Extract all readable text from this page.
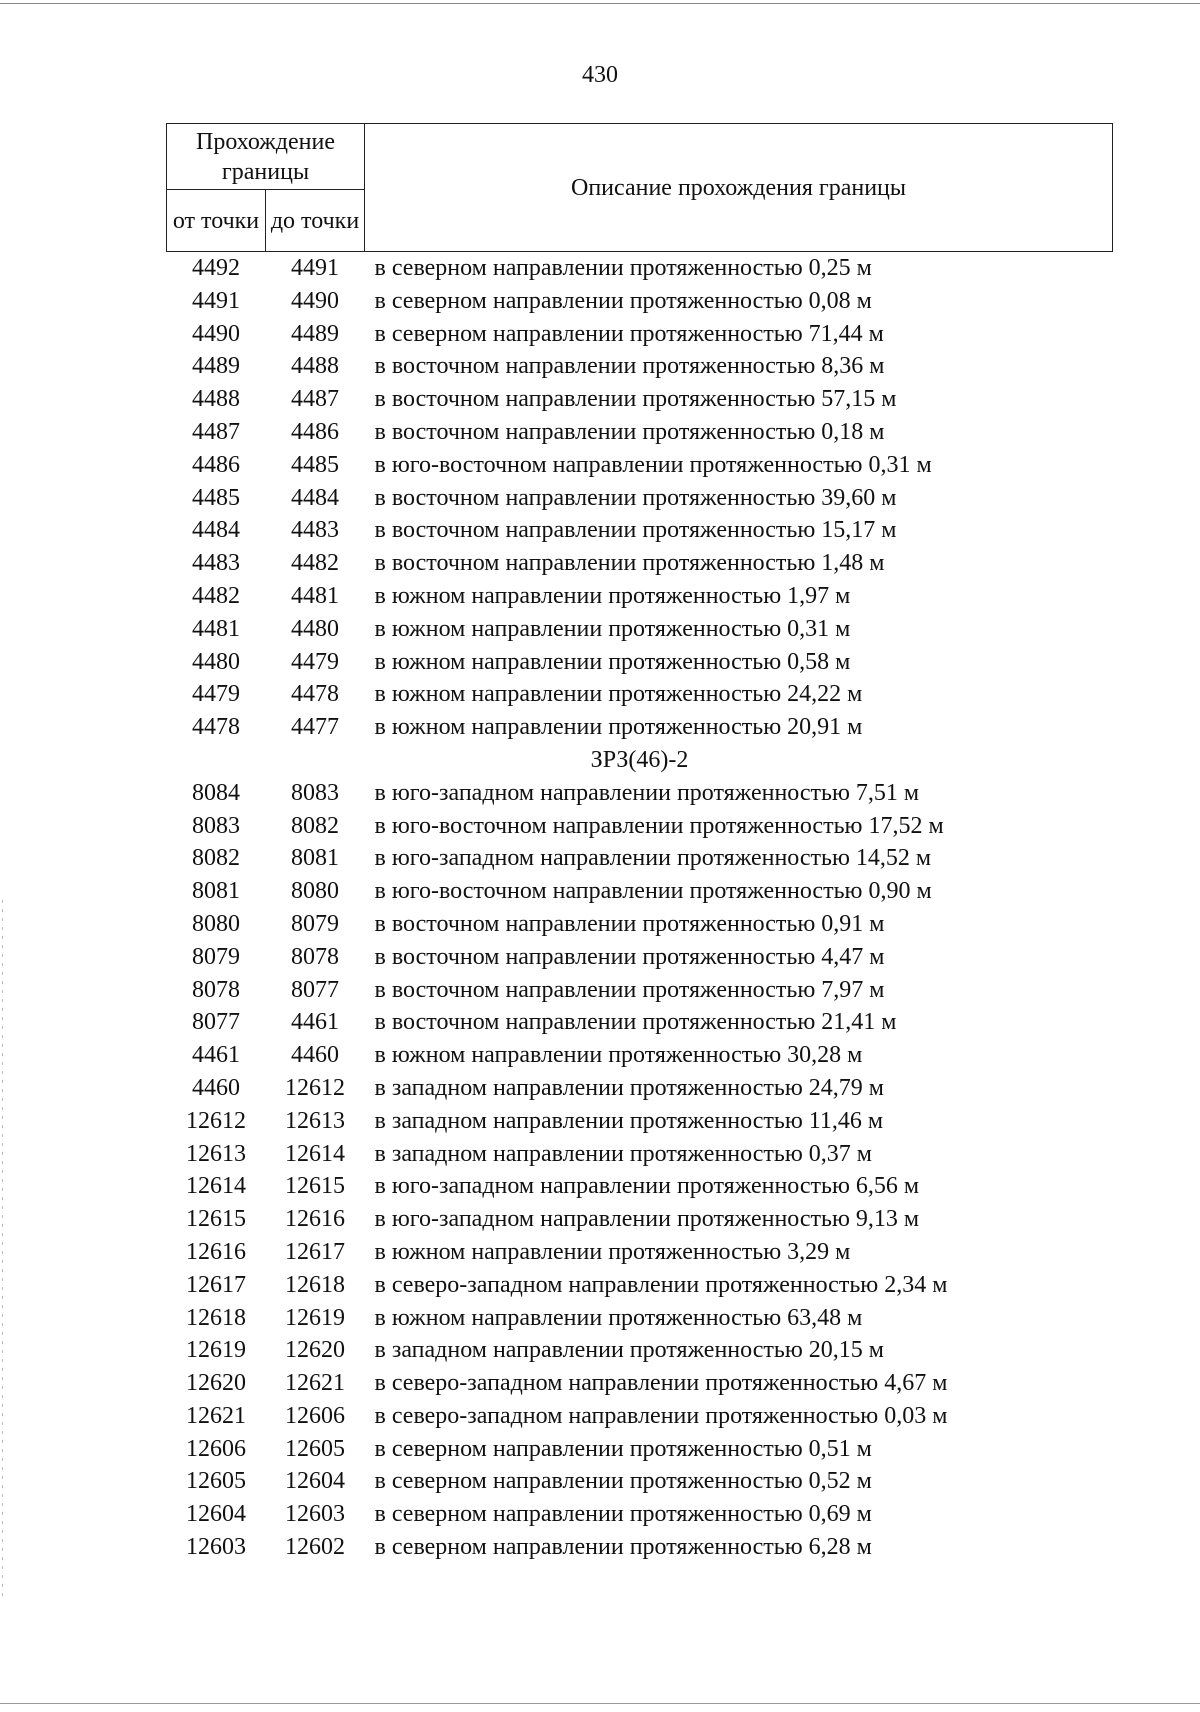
430
Прохождение границы		Описание прохождения границы
от точки	до точки	
4492	4491	в северном направлении протяженностью 0,25 м
4491	4490	в северном направлении протяженностью 0,08 м
4490	4489	в северном направлении протяженностью 71,44 м
4489	4488	в восточном направлении протяженностью 8,36 м
4488	4487	в восточном направлении протяженностью 57,15 м
4487	4486	в восточном направлении протяженностью 0,18 м
4486	4485	в юго-восточном направлении протяженностью 0,31 м
4485	4484	в восточном направлении протяженностью 39,60 м
4484	4483	в восточном направлении протяженностью 15,17 м
4483	4482	в восточном направлении протяженностью 1,48 м
4482	4481	в южном направлении протяженностью 1,97 м
4481	4480	в южном направлении протяженностью 0,31 м
4480	4479	в южном направлении протяженностью 0,58 м
4479	4478	в южном направлении протяженностью 24,22 м
4478	4477	в южном направлении протяженностью 20,91 м
ЗРЗ(46)-2		
8084	8083	в юго-западном направлении протяженностью 7,51 м
8083	8082	в юго-восточном направлении протяженностью 17,52 м
8082	8081	в юго-западном направлении протяженностью 14,52 м
8081	8080	в юго-восточном направлении протяженностью 0,90 м
8080	8079	в восточном направлении протяженностью 0,91 м
8079	8078	в восточном направлении протяженностью 4,47 м
8078	8077	в восточном направлении протяженностью 7,97 м
8077	4461	в восточном направлении протяженностью 21,41 м
4461	4460	в южном направлении протяженностью 30,28 м
4460	12612	в западном направлении протяженностью 24,79 м
12612	12613	в западном направлении протяженностью 11,46 м
12613	12614	в западном направлении протяженностью 0,37 м
12614	12615	в юго-западном направлении протяженностью 6,56 м
12615	12616	в юго-западном направлении протяженностью 9,13 м
12616	12617	в южном направлении протяженностью 3,29 м
12617	12618	в северо-западном направлении протяженностью 2,34 м
12618	12619	в южном направлении протяженностью 63,48 м
12619	12620	в западном направлении протяженностью 20,15 м
12620	12621	в северо-западном направлении протяженностью 4,67 м
12621	12606	в северо-западном направлении протяженностью 0,03 м
12606	12605	в северном направлении протяженностью 0,51 м
12605	12604	в северном направлении протяженностью 0,52 м
12604	12603	в северном направлении протяженностью 0,69 м
12603	12602	в северном направлении протяженностью 6,28 м
